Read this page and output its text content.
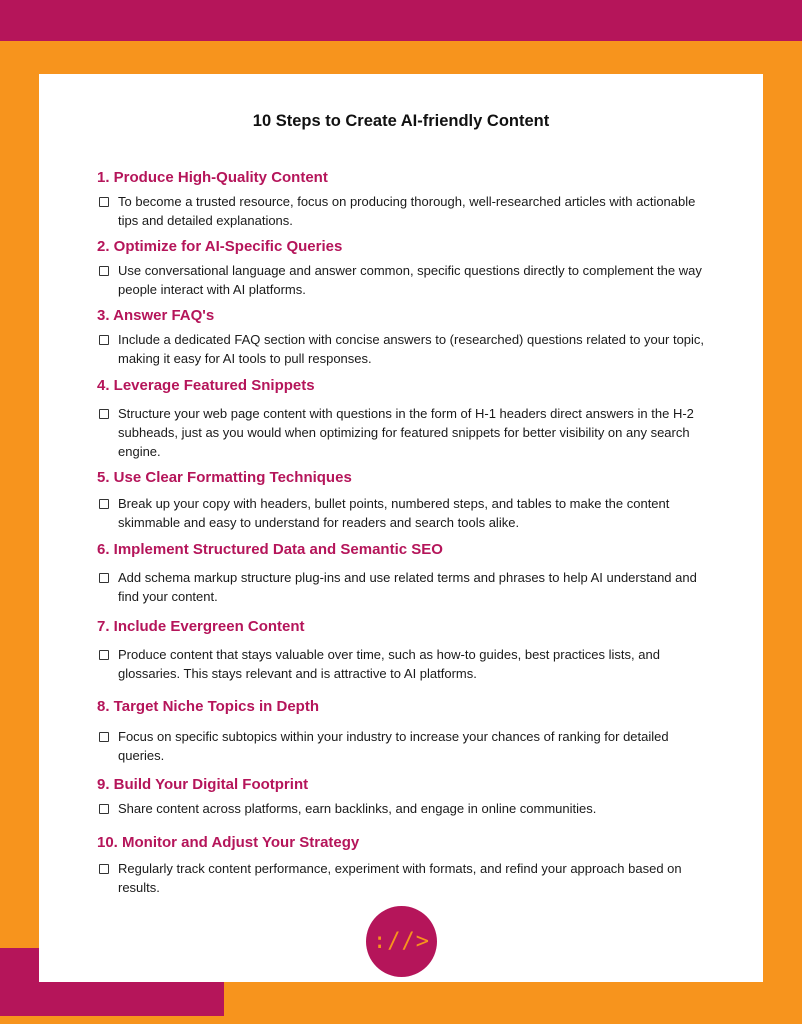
10 Steps to Create AI-friendly Content
1. Produce High-Quality Content

To become a trusted resource, focus on producing thorough, well-researched articles with actionable tips and detailed explanations.

2. Optimize for AI-Specific Queries

Use conversational language and answer common, specific questions directly to complement the way people interact with AI platforms.

3. Answer FAQ's

Include a dedicated FAQ section with concise answers to (researched) questions related to your topic, making it easy for AI tools to pull responses.

4. Leverage Featured Snippets

Structure your web page content with questions in the form of H-1 headers direct answers in the H-2 subheads, just as you would when optimizing for featured snippets for better visibility on any search engine.

5. Use Clear Formatting Techniques

Break up your copy with headers, bullet points, numbered steps, and tables to make the content skimmable and easy to understand for readers and search tools alike.

6. Implement Structured Data and Semantic SEO

Add schema markup structure plug-ins and use related terms and phrases to help AI understand and find your content.

7. Include Evergreen Content

Produce content that stays valuable over time, such as how-to guides, best practices lists, and glossaries. This stays relevant and is attractive to AI platforms.

8. Target Niche Topics in Depth

Focus on specific subtopics within your industry to increase your chances of ranking for detailed queries.

9. Build Your Digital Footprint

Share content across platforms, earn backlinks, and engage in online communities.

10. Monitor and Adjust Your Strategy

Regularly track content performance, experiment with formats, and refind your approach based on results.

://>
